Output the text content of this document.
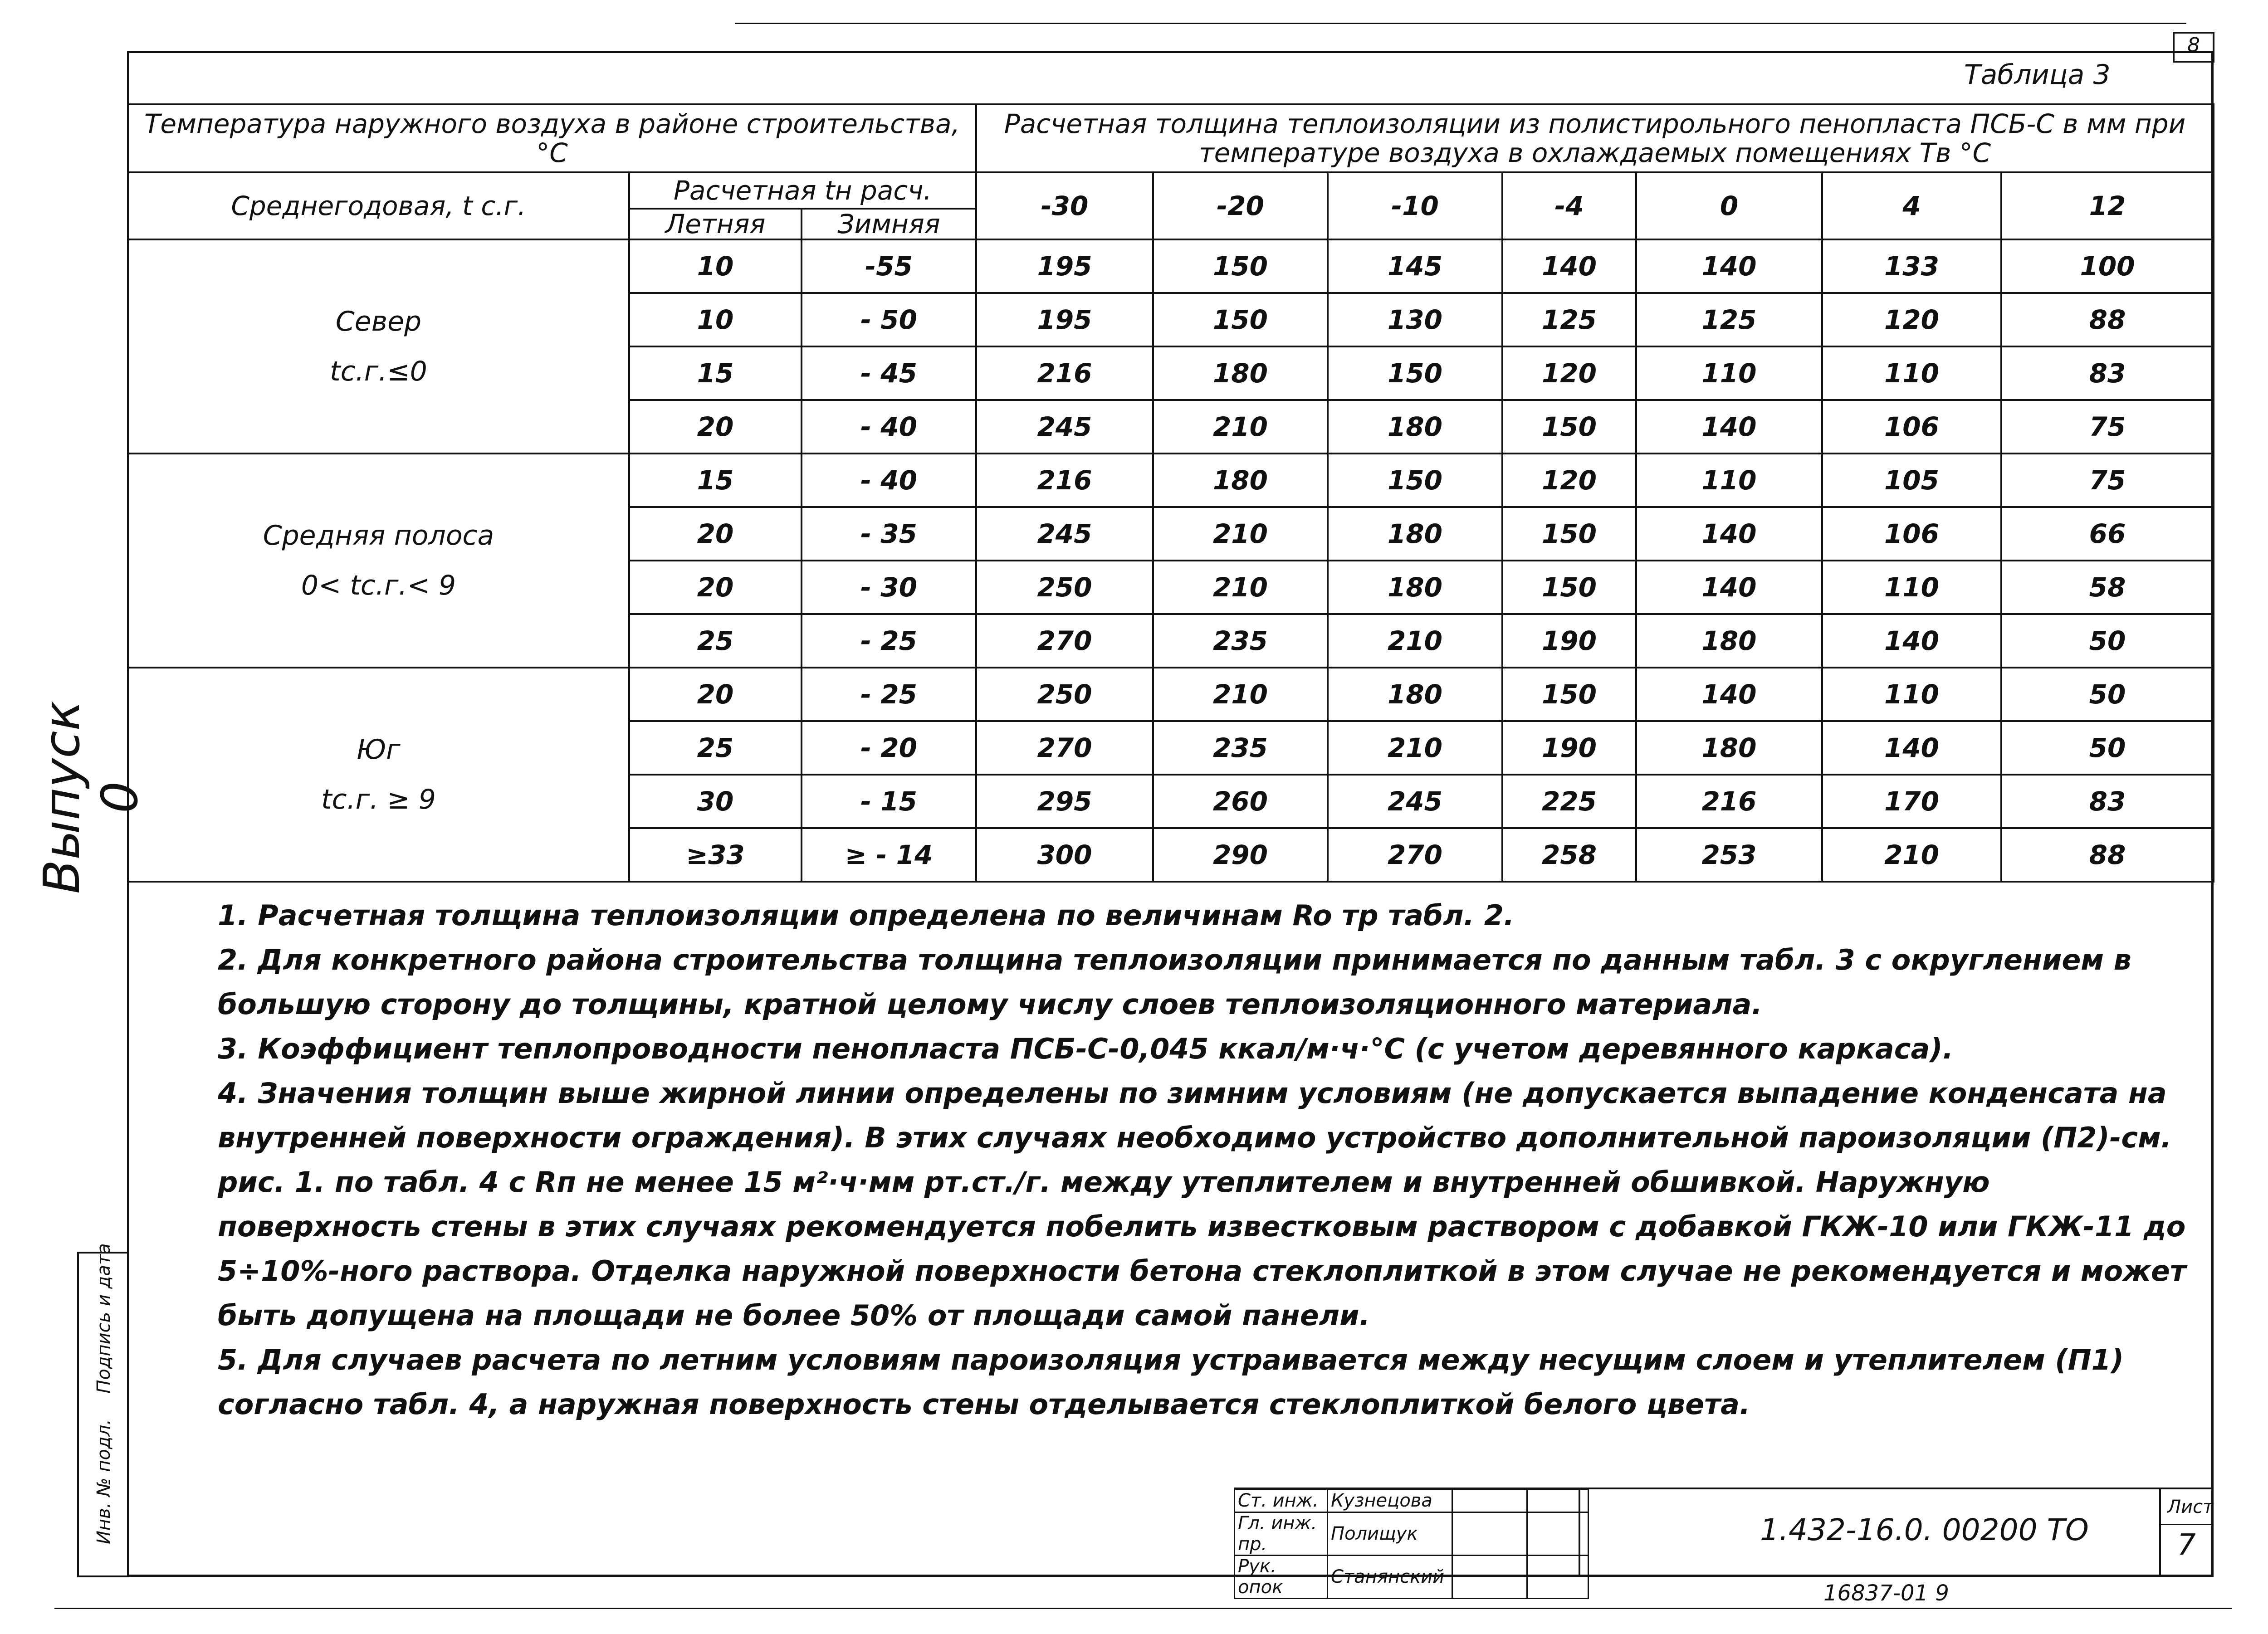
8
Таблица 3
Выпуск 0
Инв. № подл.
Подпись и дата
Температура наружного воздуха в районе строительства, °С			Расчетная толщина теплоизоляции из полистирольного пенопласта ПСБ-С в мм при температуре воздуха в охлаждаемых помещениях Тв °С						
Среднегодовая, t с.г.	Расчетная tн расч.		-30	-20	-10	-4	0	4	12
	Летняя	Зимняя							

Север
tс.г.≤0	10	-55	195	150	145	140	140	133	100
	10	- 50	195	150	130	125	125	120	88
	15	- 45	216	180	150	120	110	110	83
	20	- 40	245	210	180	150	140	106	75

Средняя полоса
0< tс.г.< 9	15	- 40	216	180	150	120	110	105	75
	20	- 35	245	210	180	150	140	106	66
	20	- 30	250	210	180	150	140	110	58
	25	- 25	270	235	210	190	180	140	50

Юг
tс.г. ≥ 9	20	- 25	250	210	180	150	140	110	50
	25	- 20	270	235	210	190	180	140	50
	30	- 15	295	260	245	225	216	170	83
	≥33	≥ - 14	300	290	270	258	253	210	88

1. Расчетная толщина теплоизоляции определена по величинам Ro тр табл. 2.

2. Для конкретного района строительства толщина теплоизоляции принимается по данным табл. 3 с округлением в большую сторону до толщины, кратной целому числу слоев теплоизоляционного материала.

3. Коэффициент теплопроводности пенопласта ПСБ-С-0,045 ккал/м·ч·°С (с учетом деревянного каркаса).

4. Значения толщин выше жирной линии определены по зимним условиям (не допускается выпадение конденсата на внутренней поверхности ограждения). В этих случаях необходимо устройство дополнительной пароизоляции (П2)-см. рис. 1. по табл. 4 с Rп не менее 15 м²·ч·мм рт.ст./г. между утеплителем и внутренней обшивкой. Наружную поверхность стены в этих случаях рекомендуется побелить известковым раствором с добавкой ГКЖ-10 или ГКЖ-11 до 5÷10%-ного раствора. Отделка наружной поверхности бетона стеклоплиткой в этом случае не рекомендуется и может быть допущена на площади не более 50% от площади самой панели.

5. Для случаев расчета по летним условиям пароизоляция устраивается между несущим слоем и утеплителем (П1) согласно табл. 4, а наружная поверхность стены отделывается стеклоплиткой белого цвета.

Ст. инж.	Кузнецова		
Гл. инж. пр.	Полищук		
Рук. опок	Станянский		
1.432-16.0. 00200 ТО
Лист
7
16837-01 9
